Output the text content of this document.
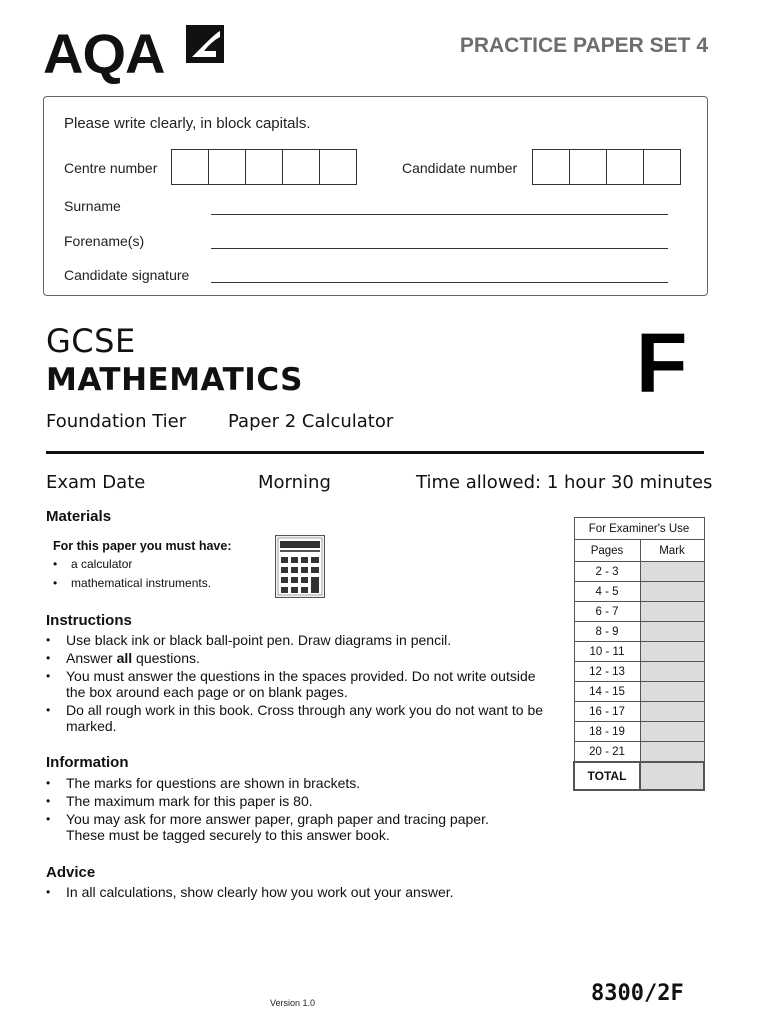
AQA	PRACTICE PAPER SET 4
Please write clearly, in block capitals.
Centre number	Candidate number
Surname
Forename(s)
Candidate signature
GCSE
MATHEMATICS
Foundation Tier Paper 2 Calculator
F
Exam Date	Morning	Time allowed: 1 hour 30 minutes
Materials
For this paper you must have:
• a calculator
• mathematical instruments.
Instructions
• Use black ink or black ball-point pen. Draw diagrams in pencil.
• Answer all questions.
• You must answer the questions in the spaces provided. Do not write outside the box around each page or on blank pages.
• Do all rough work in this book. Cross through any work you do not want to be marked.
Information
• The marks for questions are shown in brackets.
• The maximum mark for this paper is 80.
• You may ask for more answer paper, graph paper and tracing paper. These must be tagged securely to this answer book.
Advice
• In all calculations, show clearly how you work out your answer.
For Examiner's Use	
Pages	Mark
2 - 3	
4 - 5	
6 - 7	
8 - 9	
10 - 11	
12 - 13	
14 - 15	
16 - 17	
18 - 19	
20 - 21	
TOTAL	
Version 1.0	8300/2F
